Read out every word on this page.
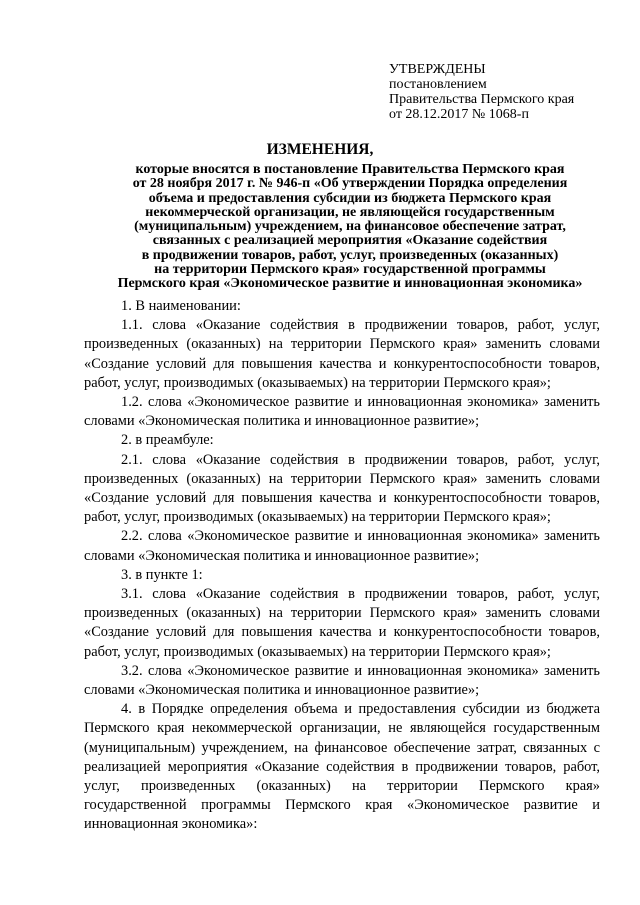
УТВЕРЖДЕНЫ
постановлением
Правительства Пермского края
от 28.12.2017 № 1068-п
ИЗМЕНЕНИЯ,
которые вносятся в постановление Правительства Пермского края
от 28 ноября 2017 г. № 946-п «Об утверждении Порядка определения
объема и предоставления субсидии из бюджета Пермского края
некоммерческой организации, не являющейся государственным
(муниципальным) учреждением, на финансовое обеспечение затрат,
связанных с реализацией мероприятия «Оказание содействия
в продвижении товаров, работ, услуг, произведенных (оказанных)
на территории Пермского края» государственной программы
Пермского края «Экономическое развитие и инновационная экономика»

1. В наименовании:

1.1. слова «Оказание содействия в продвижении товаров, работ, услуг, произведенных (оказанных) на территории Пермского края» заменить словами «Создание условий для повышения качества и конкурентоспособности товаров, работ, услуг, производимых (оказываемых) на территории Пермского края»;

1.2. слова «Экономическое развитие и инновационная экономика» заменить словами «Экономическая политика и инновационное развитие»;

2. в преамбуле:

2.1. слова «Оказание содействия в продвижении товаров, работ, услуг, произведенных (оказанных) на территории Пермского края» заменить словами «Создание условий для повышения качества и конкурентоспособности товаров, работ, услуг, производимых (оказываемых) на территории Пермского края»;

2.2. слова «Экономическое развитие и инновационная экономика» заменить словами «Экономическая политика и инновационное развитие»;

3. в пункте 1:

3.1. слова «Оказание содействия в продвижении товаров, работ, услуг, произведенных (оказанных) на территории Пермского края» заменить словами «Создание условий для повышения качества и конкурентоспособности товаров, работ, услуг, производимых (оказываемых) на территории Пермского края»;

3.2. слова «Экономическое развитие и инновационная экономика» заменить словами «Экономическая политика и инновационное развитие»;

4. в Порядке определения объема и предоставления субсидии из бюджета Пермского края некоммерческой организации, не являющейся государственным (муниципальным) учреждением, на финансовое обеспечение затрат, связанных с реализацией мероприятия «Оказание содействия в продвижении товаров, работ, услуг, произведенных (оказанных) на территории Пермского края» государственной программы Пермского края «Экономическое развитие и инновационная экономика»:
